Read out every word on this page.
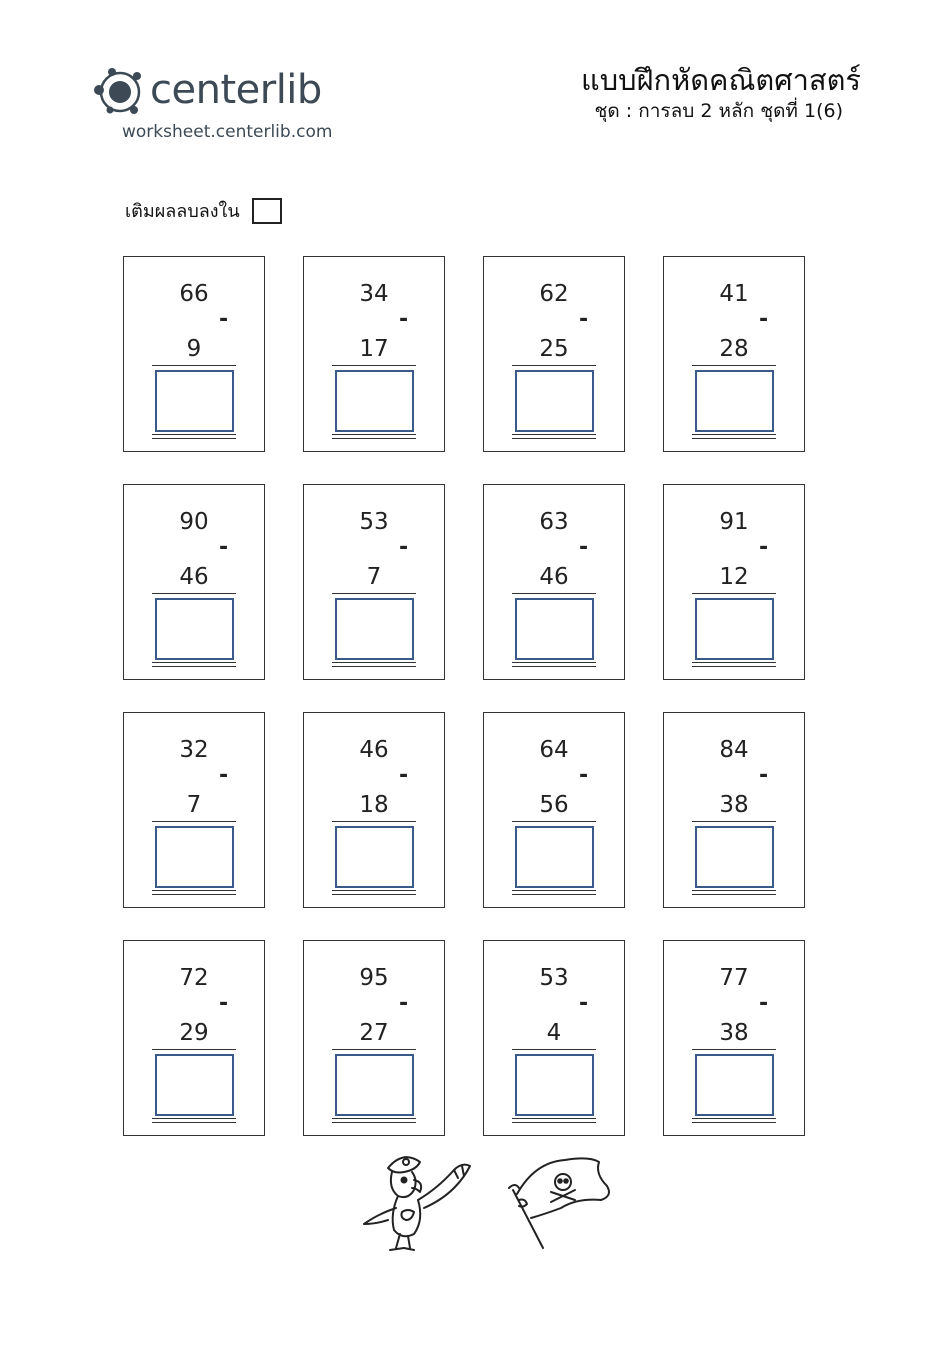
centerlib
worksheet.centerlib.com
แบบฝึกหัดคณิตศาสตร์
ชุด : การลบ 2 หลัก ชุดที่ 1(6)
เติมผลลบลงใน
66
-
9
34
-
17
62
-
25
41
-
28
90
-
46
53
-
7
63
-
46
91
-
12
32
-
7
46
-
18
64
-
56
84
-
38
72
-
29
95
-
27
53
-
4
77
-
38
